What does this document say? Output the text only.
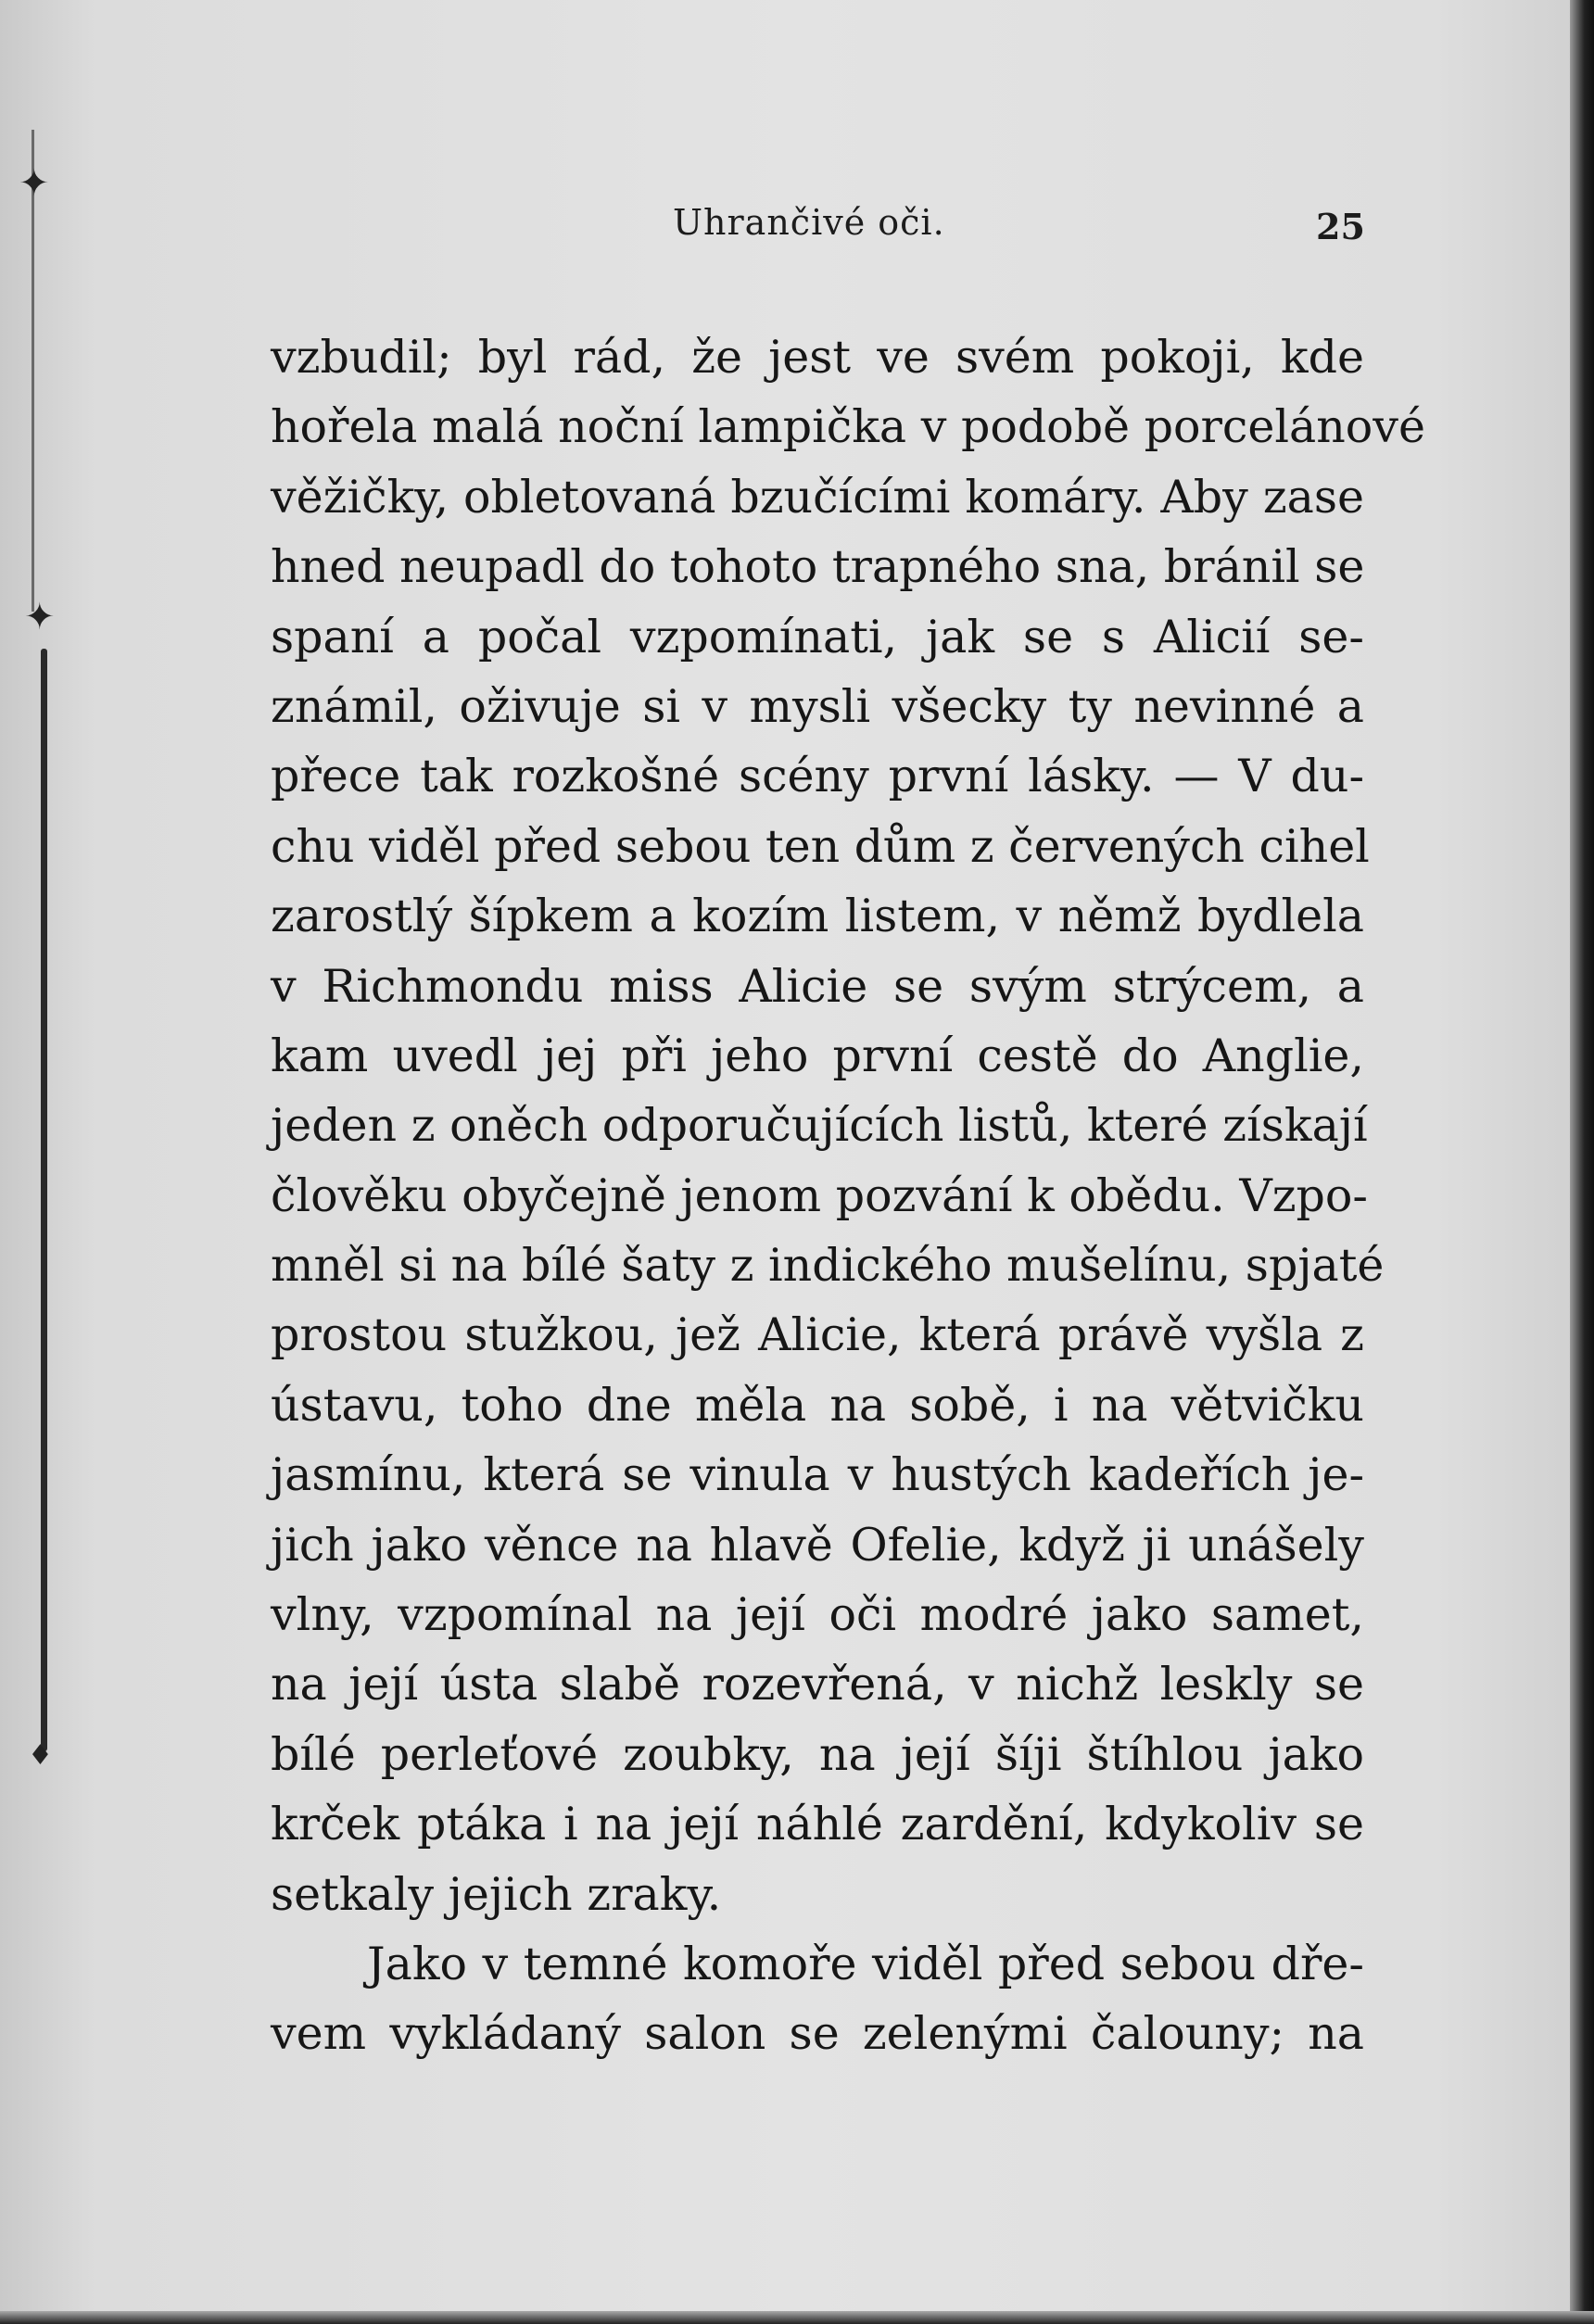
✦
✦
♦
Uhrančivé oči.	25
vzbudil; byl rád, že jest ve svém pokoji, kde
hořela malá noční lampička v podobě porcelánové
věžičky, obletovaná bzučícími komáry. Aby zase
hned neupadl do tohoto trapného sna, bránil se
spaní a počal vzpomínati, jak se s Alicií se-
známil, oživuje si v mysli všecky ty nevinné a
přece tak rozkošné scény první lásky. — V du-
chu viděl před sebou ten dům z červených cihel
zarostlý šípkem a kozím listem, v němž bydlela
v Richmondu miss Alicie se svým strýcem, a
kam uvedl jej při jeho první cestě do Anglie,
jeden z oněch odporučujících listů, které získají
člověku obyčejně jenom pozvání k obědu. Vzpo-
mněl si na bílé šaty z indického mušelínu, spjaté
prostou stužkou, jež Alicie, která právě vyšla z
ústavu, toho dne měla na sobě, i na větvičku
jasmínu, která se vinula v hustých kadeřích je-
jich jako věnce na hlavě Ofelie, když ji unášely
vlny, vzpomínal na její oči modré jako samet,
na její ústa slabě rozevřená, v nichž leskly se
bílé perleťové zoubky, na její šíji štíhlou jako
krček ptáka i na její náhlé zardění, kdykoliv se
setkaly jejich zraky.
Jako v temné komoře viděl před sebou dře-
vem vykládaný salon se zelenými čalouny; na
